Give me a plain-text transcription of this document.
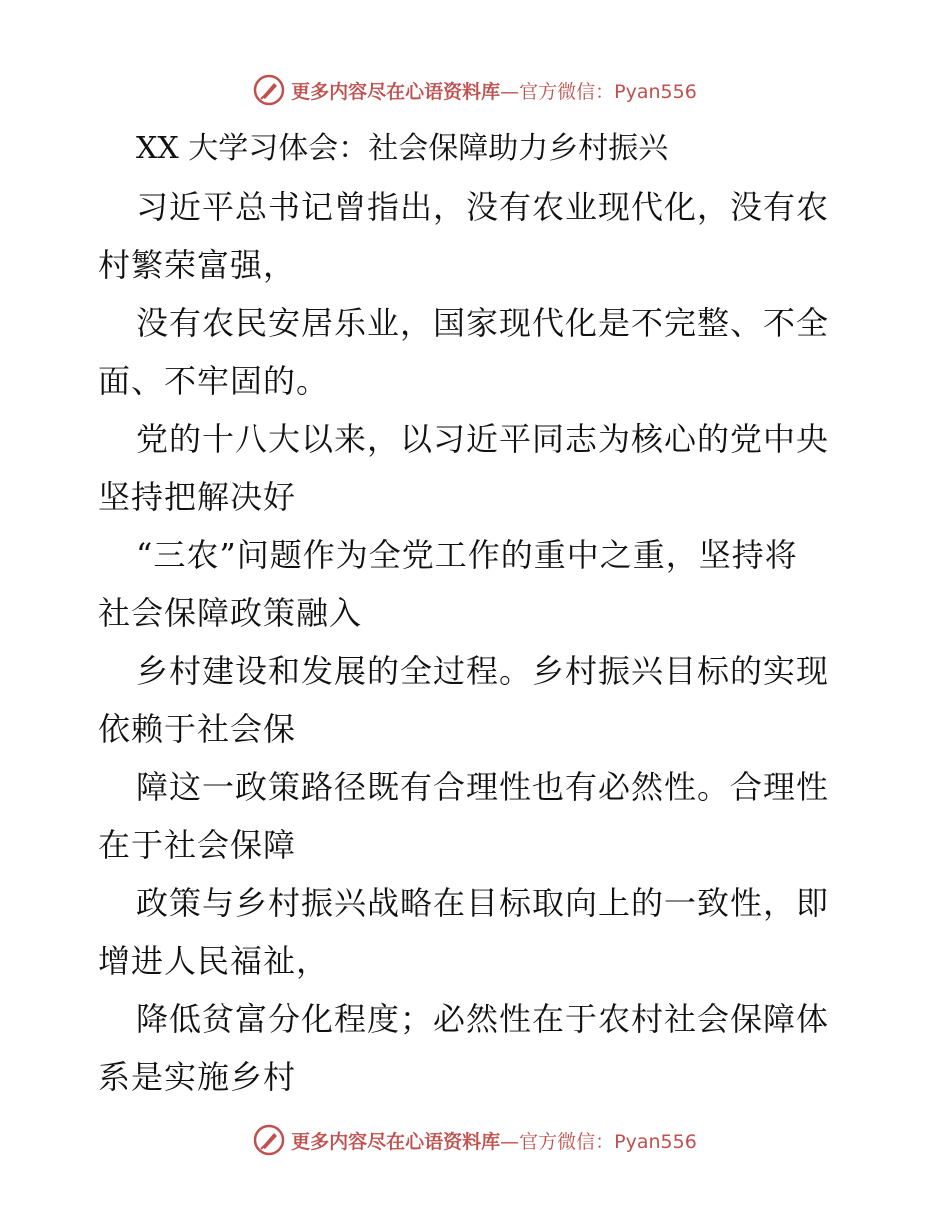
更多内容尽在心语资料库—官方微信：Pyan556
XX 大学习体会：社会保障助力乡村振兴

习近平总书记曾指出，没有农业现代化，没有农
村繁荣富强，

没有农民安居乐业，国家现代化是不完整、不全
面、不牢固的。

党的十八大以来，以习近平同志为核心的党中央
坚持把解决好

“三农”问题作为全党工作的重中之重，坚持将
社会保障政策融入

乡村建设和发展的全过程。乡村振兴目标的实现
依赖于社会保

障这一政策路径既有合理性也有必然性。合理性
在于社会保障

政策与乡村振兴战略在目标取向上的一致性，即
增进人民福祉，

降低贫富分化程度；必然性在于农村社会保障体
系是实施乡村

更多内容尽在心语资料库—官方微信：Pyan556
